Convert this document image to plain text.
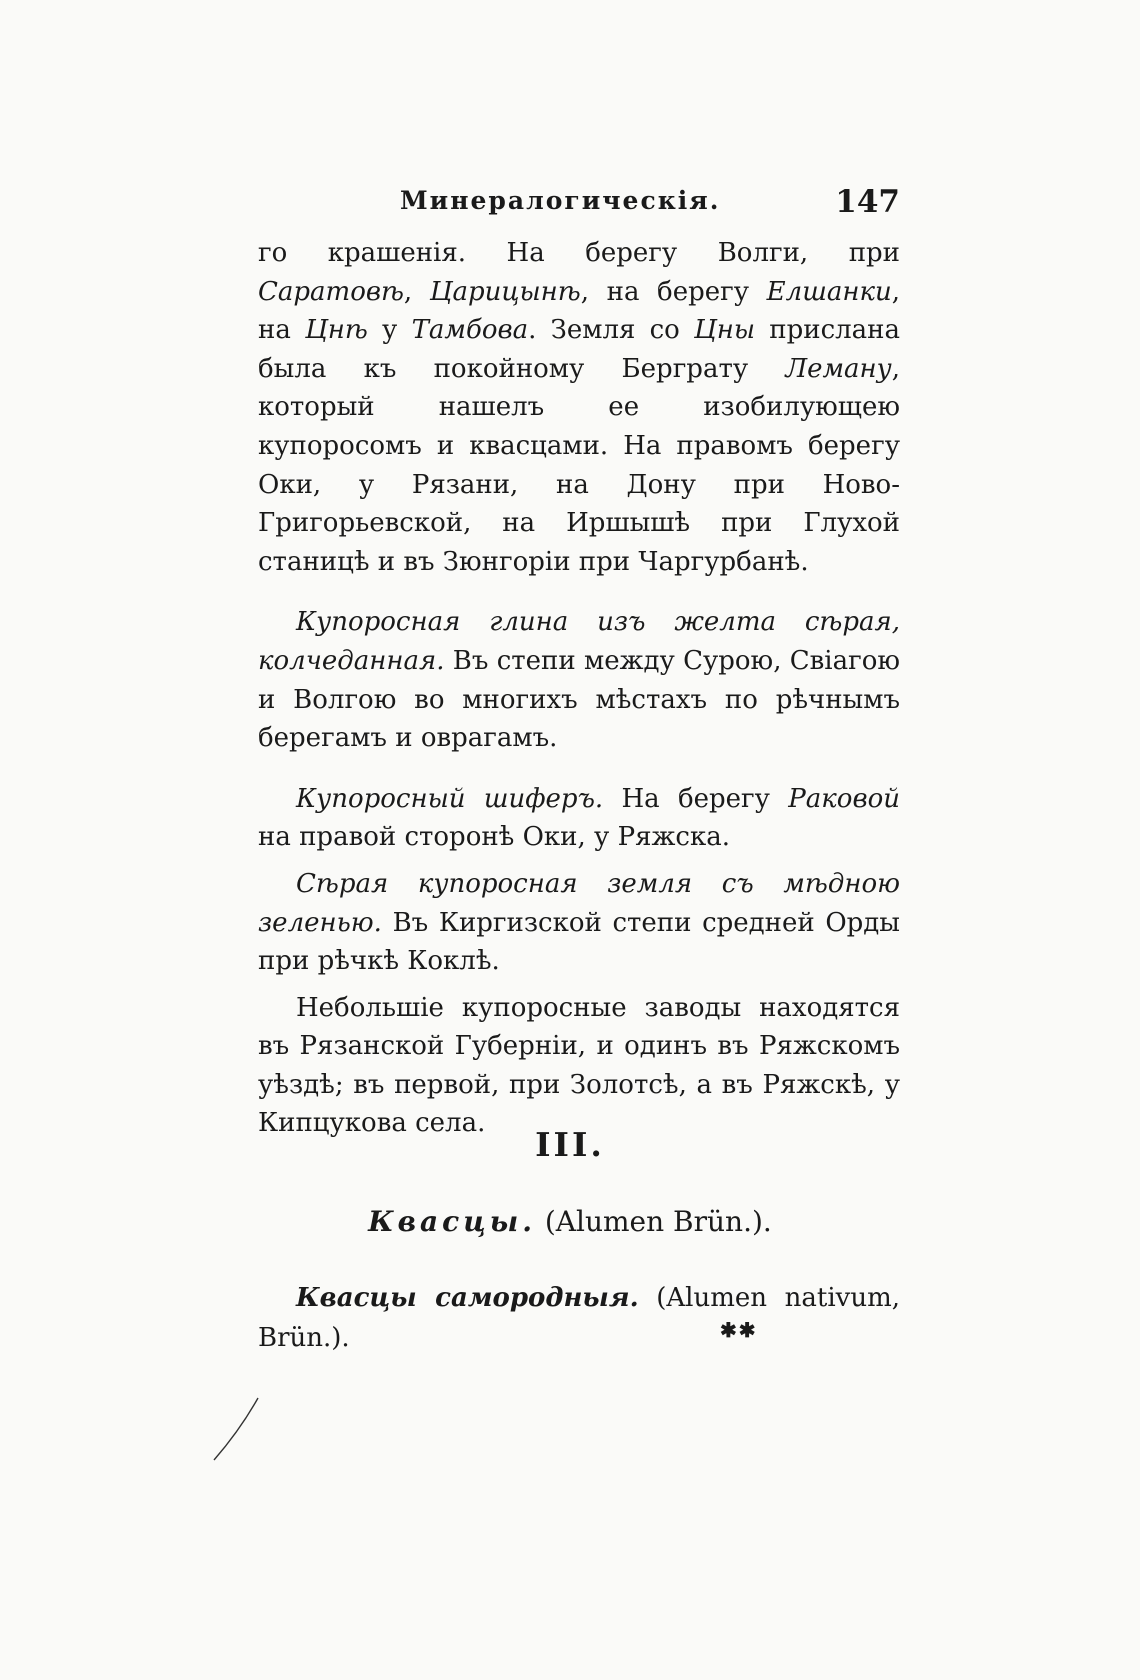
Минералогическія.	147

го крашенія. На берегу Волги, при Саратовѣ, Царицынѣ, на берегу Елшанки, на Цнѣ у Тамбова. Земля со Цны прислана была къ покойному Берграту Леману, который нашелъ ее изобилующею купоросомъ и квасцами. На правомъ берегу Оки, у Рязани, на Дону при Ново-Григорьевской, на Иршышѣ при Глухой станицѣ и въ Зюнгоріи при Чаргурбанѣ.

Купоросная глина изъ желта сѣрая, колчеданная. Въ степи между Сурою, Свіагою и Волгою во многихъ мѣстахъ по рѣчнымъ берегамъ и оврагамъ.

Купоросный шиферъ. На берегу Раковой на правой сторонѣ Оки, у Ряжска.

Сѣрая купоросная земля съ мѣдною зеленью. Въ Киргизской степи средней Орды при рѣчкѣ Коклѣ.

Небольшіе купоросные заводы находятся въ Рязанской Губерніи, и одинъ въ Ряжскомъ уѣздѣ; въ первой, при Золотсѣ, а въ Ряжскѣ, у Кипцукова села.

III.
Квасцы. (Alumen Brün.).

Квасцы самородныя. (Alumen nativum, Brün.).	✱✱
